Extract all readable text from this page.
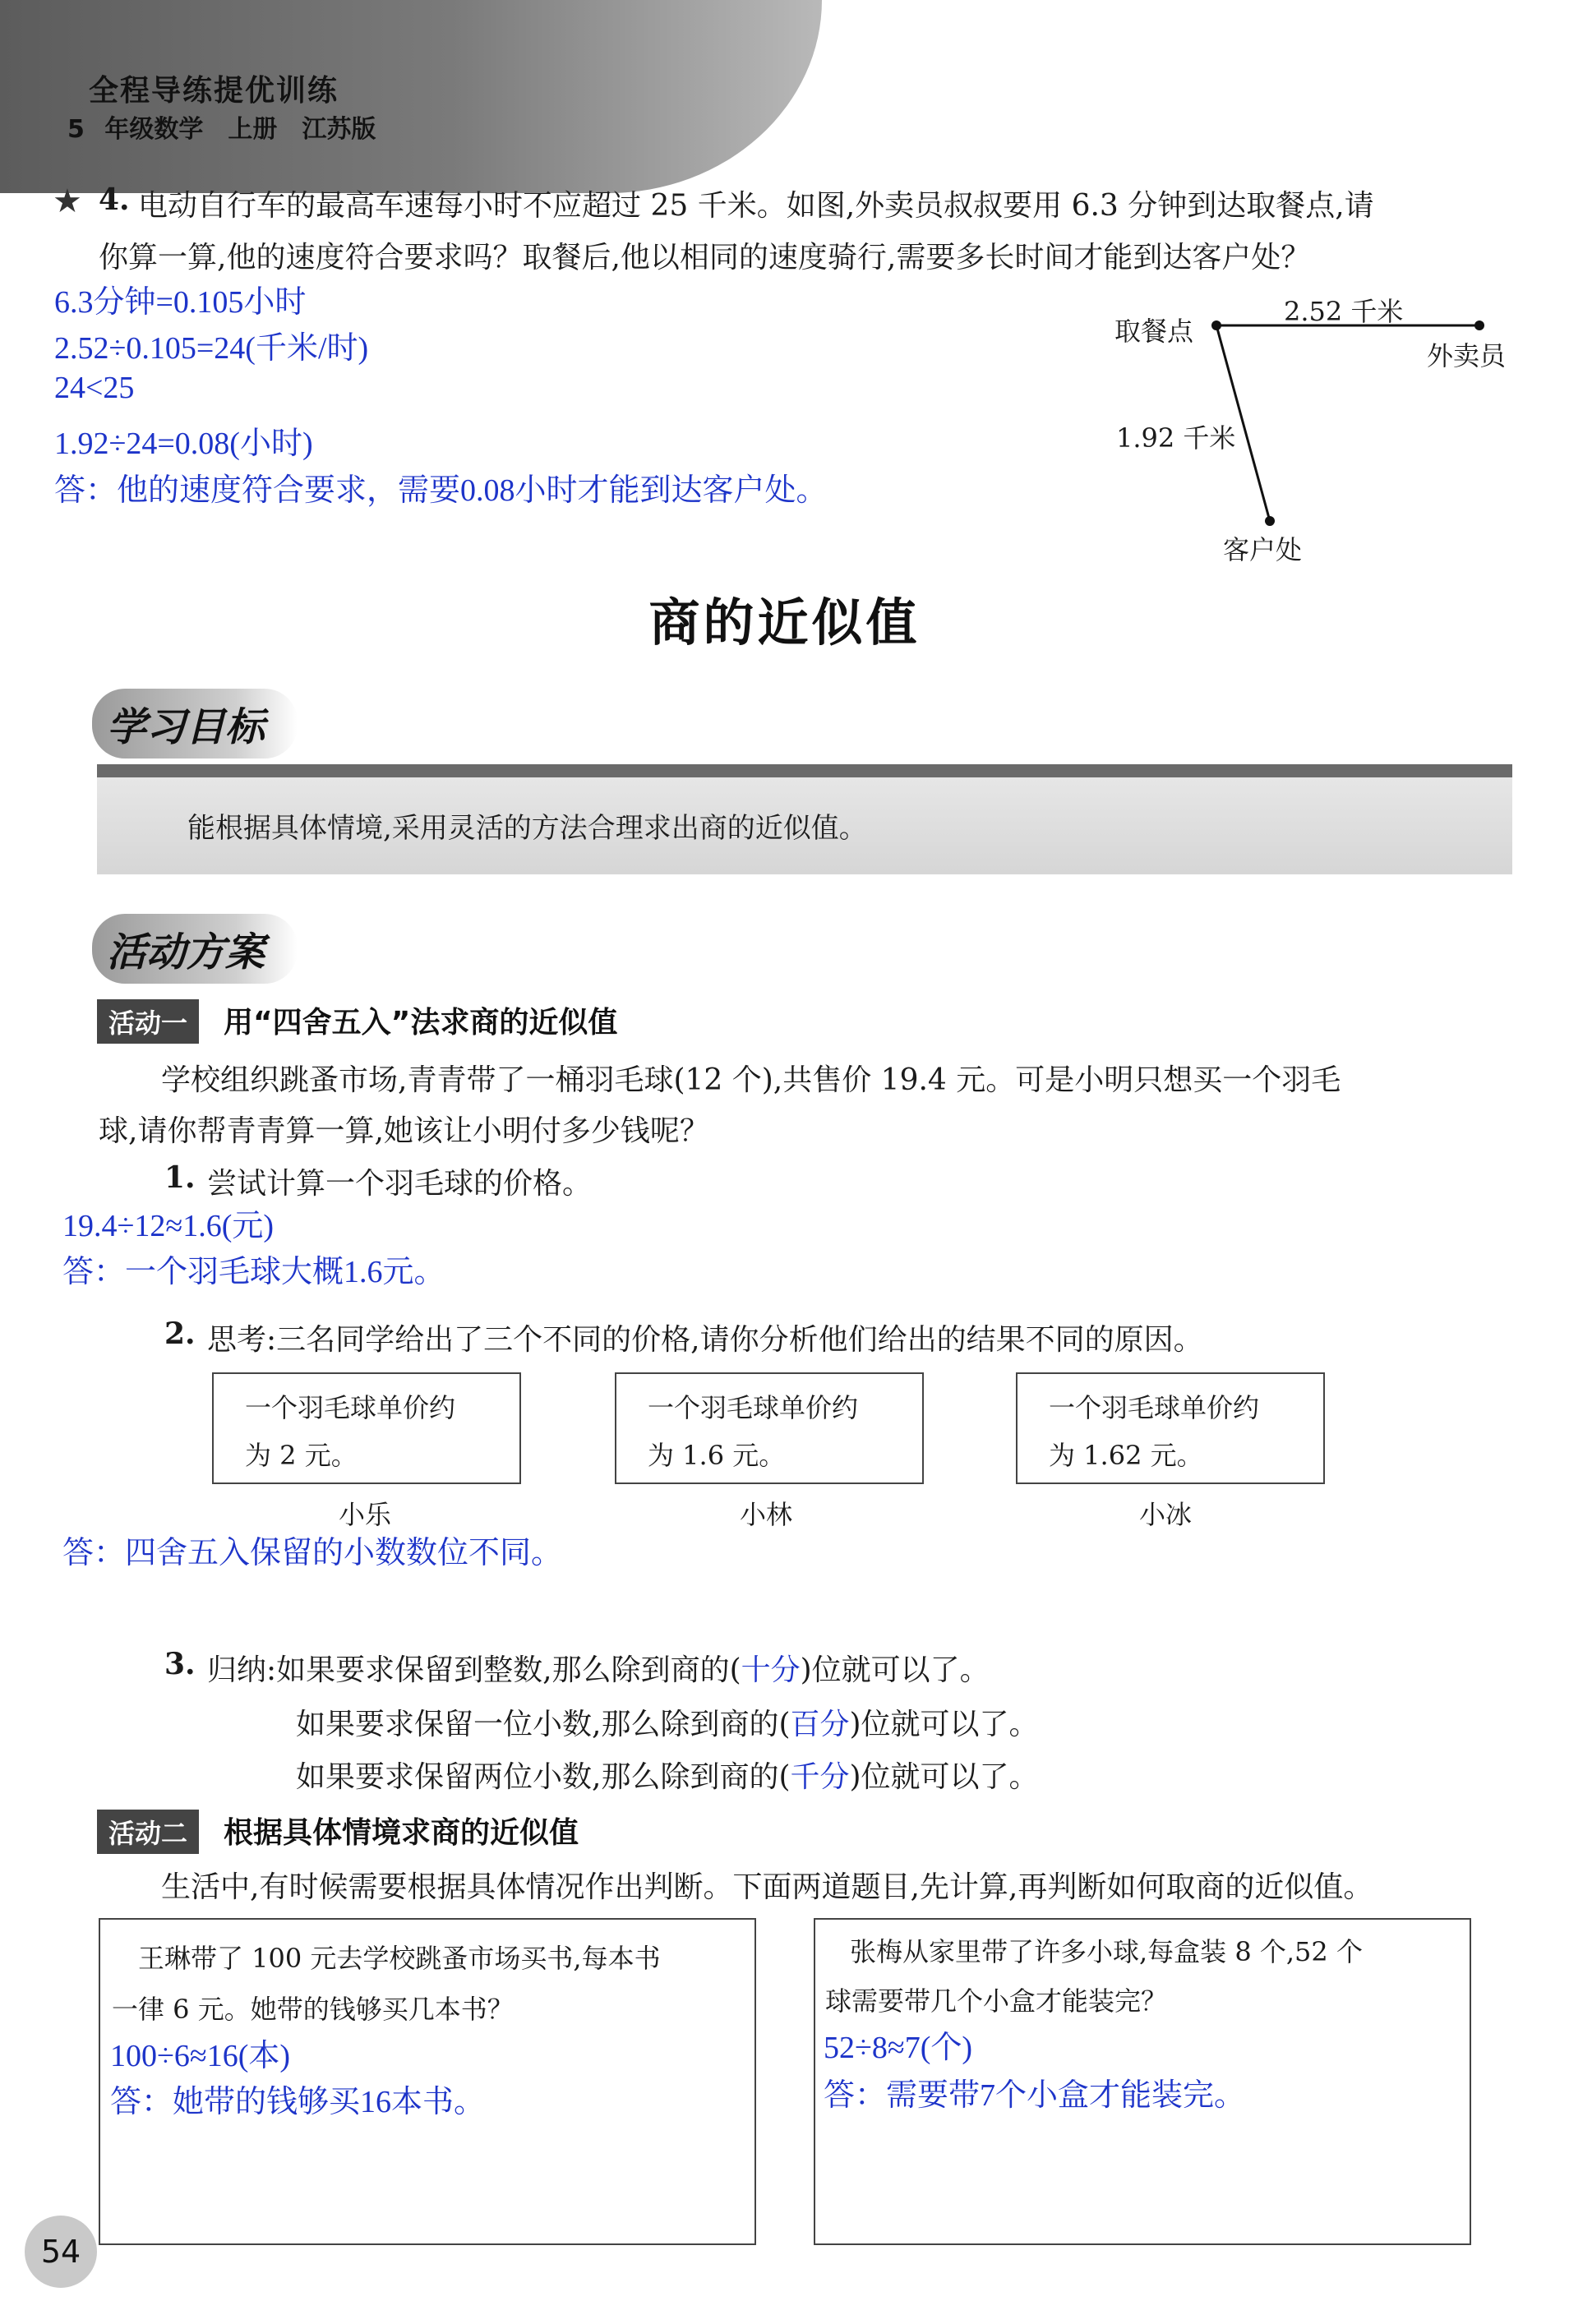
全程导练提优训练
5 年级数学　上册　江苏版
★ 4. 电动自行车的最高车速每小时不应超过 25 千米。如图,外卖员叔叔要用 6.3 分钟到达取餐点,请
你算一算,他的速度符合要求吗？取餐后,他以相同的速度骑行,需要多长时间才能到达客户处？
6.3分钟=0.105小时
2.52÷0.105=24(千米/时)
24<25
1.92÷24=0.08(小时)
答：他的速度符合要求，需要0.08小时才能到达客户处。
取餐点
2.52 千米
外卖员
1.92 千米
客户处
商的近似值
学习目标
能根据具体情境,采用灵活的方法合理求出商的近似值。
活动方案
活动一	用“四舍五入”法求商的近似值
学校组织跳蚤市场,青青带了一桶羽毛球(12 个),共售价 19.4 元。可是小明只想买一个羽毛
球,请你帮青青算一算,她该让小明付多少钱呢？
1. 尝试计算一个羽毛球的价格。
19.4÷12≈1.6(元)
答：一个羽毛球大概1.6元。
2. 思考:三名同学给出了三个不同的价格,请你分析他们给出的结果不同的原因。
一个羽毛球单价约
为 2 元。
小乐
一个羽毛球单价约
为 1.6 元。
小林
一个羽毛球单价约
为 1.62 元。
小冰
答：四舍五入保留的小数数位不同。
3. 归纳:如果要求保留到整数,那么除到商的(十分)位就可以了。
如果要求保留一位小数,那么除到商的(百分)位就可以了。
如果要求保留两位小数,那么除到商的(千分)位就可以了。
活动二	根据具体情境求商的近似值
生活中,有时候需要根据具体情况作出判断。下面两道题目,先计算,再判断如何取商的近似值。
王琳带了 100 元去学校跳蚤市场买书,每本书
一律 6 元。她带的钱够买几本书？
100÷6≈16(本)
答：她带的钱够买16本书。
张梅从家里带了许多小球,每盒装 8 个,52 个
球需要带几个小盒才能装完？
52÷8≈7(个)
答：需要带7个小盒才能装完。
54
